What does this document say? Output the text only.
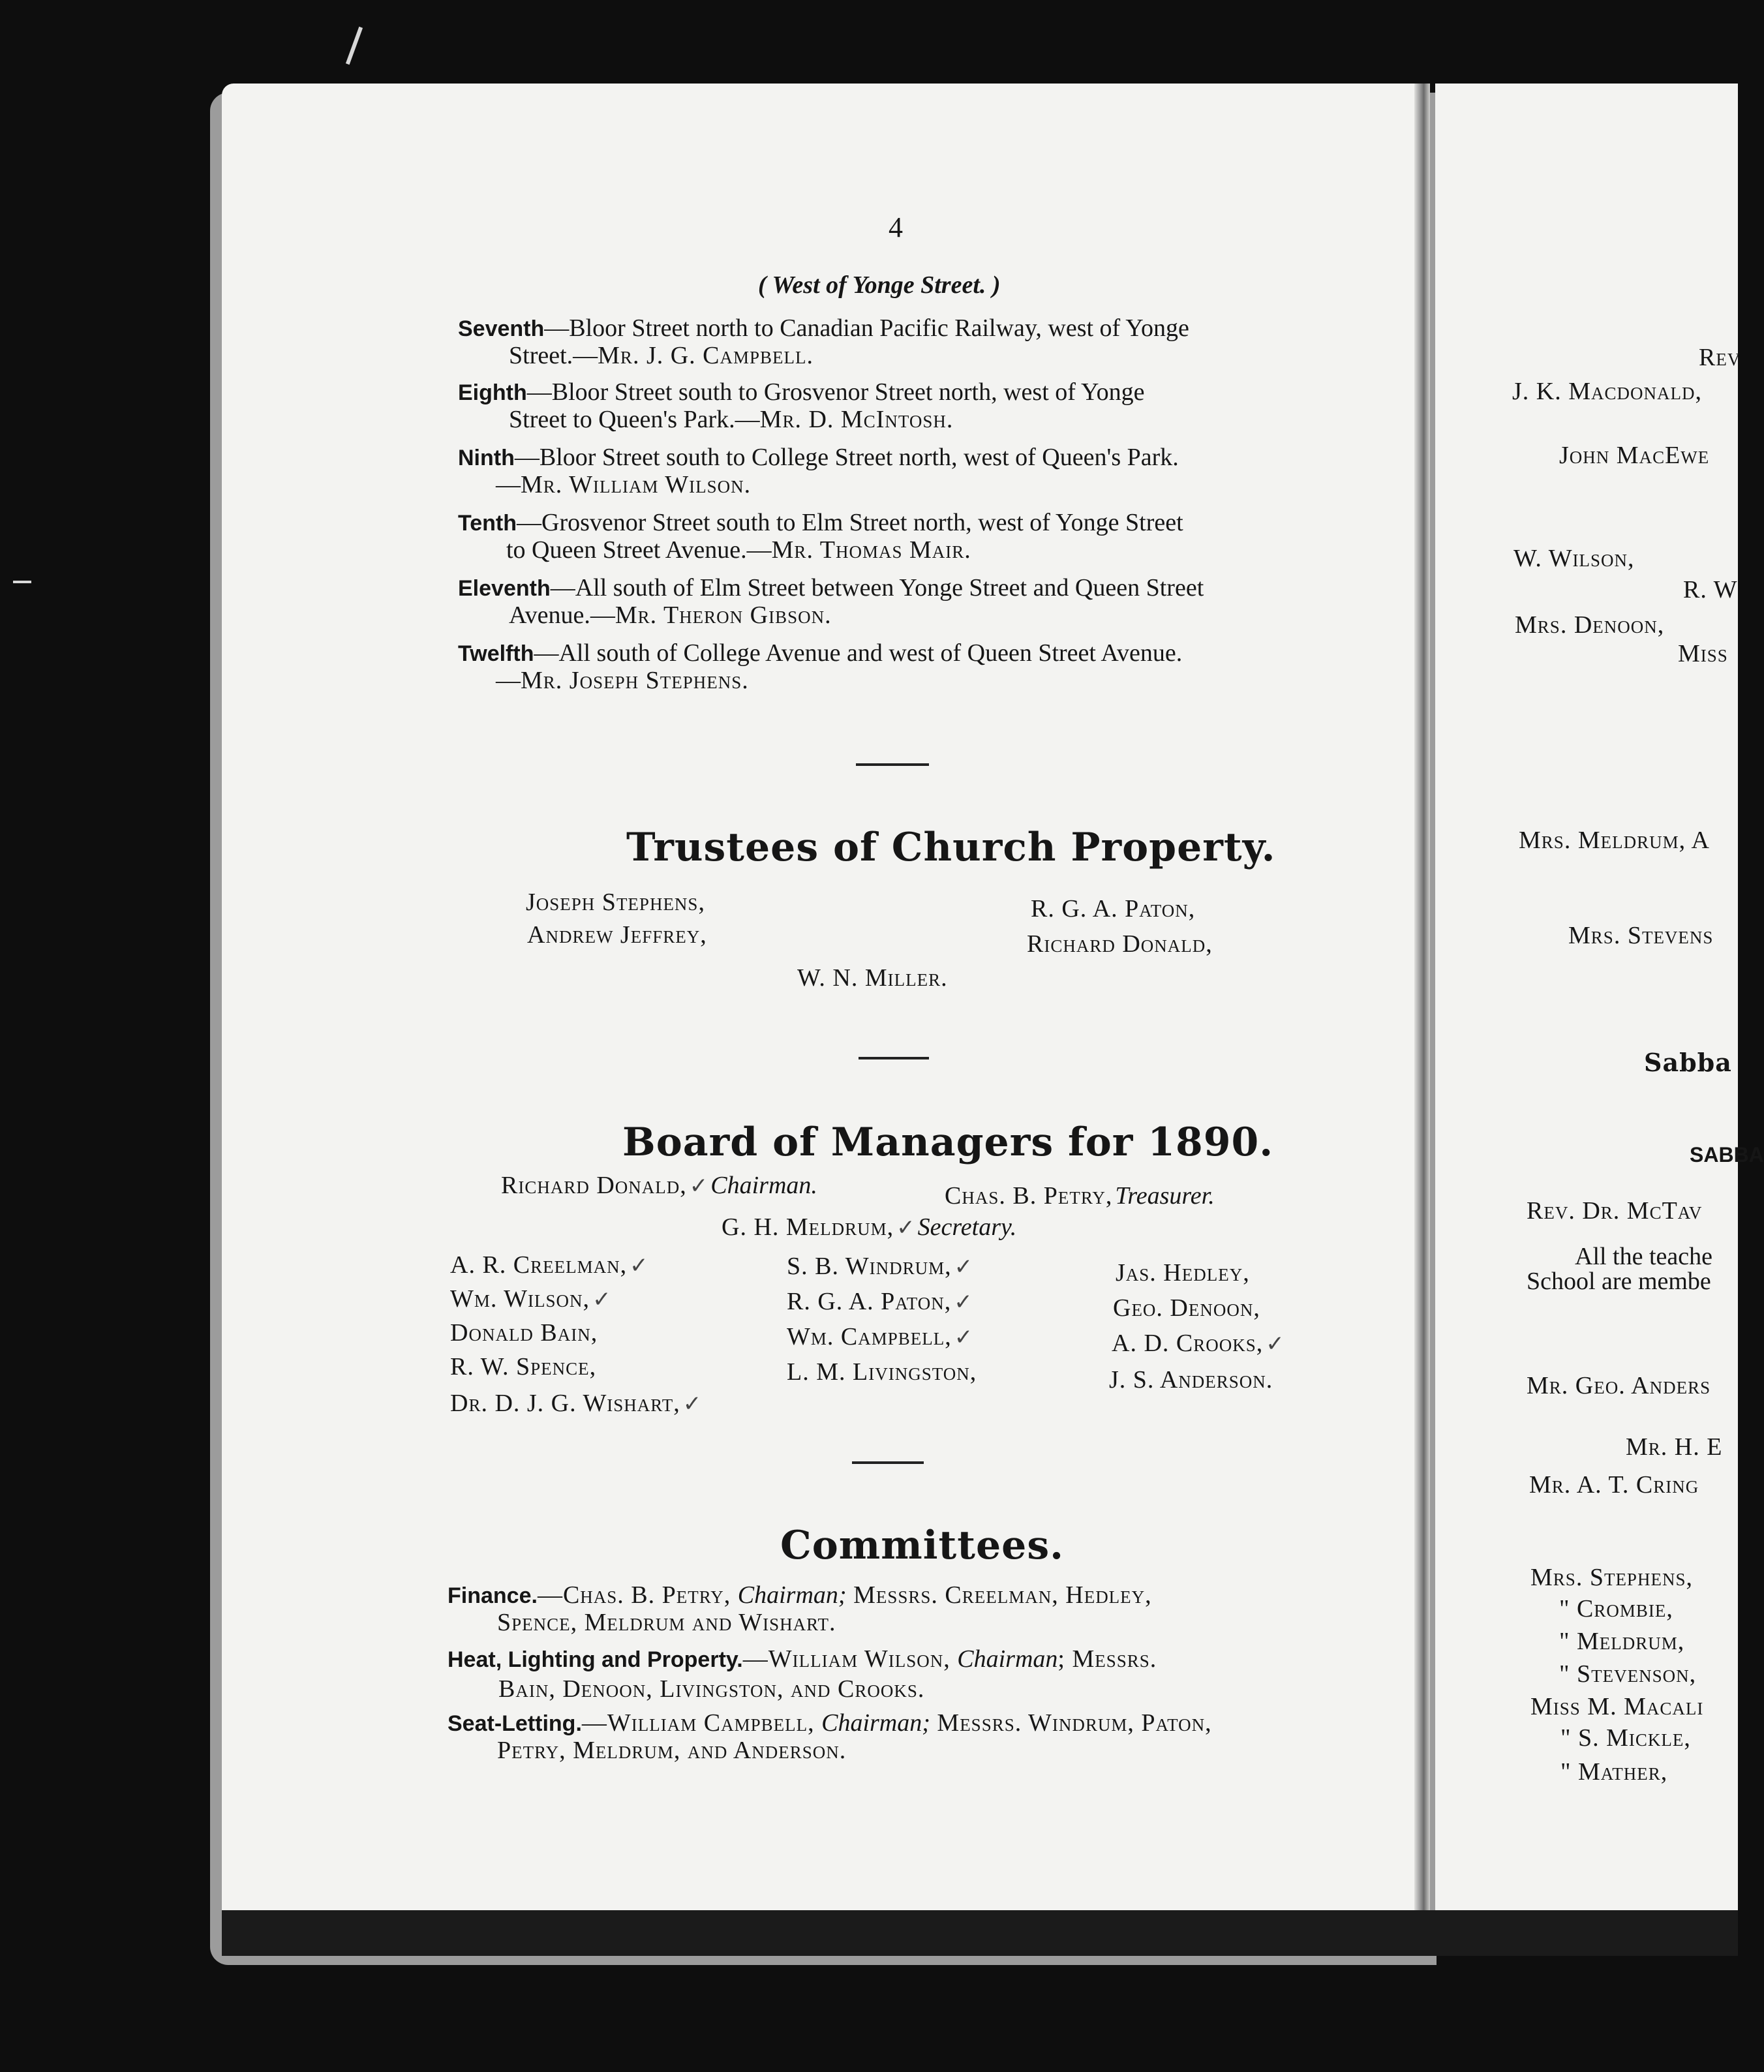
4
( West of Yonge Street. )
Seventh—Bloor Street north to Canadian Pacific Railway, west of Yonge
Street.—Mr. J. G. Campbell.
Eighth—Bloor Street south to Grosvenor Street north, west of Yonge
Street to Queen's Park.—Mr. D. McIntosh.
Ninth—Bloor Street south to College Street north, west of Queen's Park.
—Mr. William Wilson.
Tenth—Grosvenor Street south to Elm Street north, west of Yonge Street
to Queen Street Avenue.—Mr. Thomas Mair.
Eleventh—All south of Elm Street between Yonge Street and Queen Street
Avenue.—Mr. Theron Gibson.
Twelfth—All south of College Avenue and west of Queen Street Avenue.
—Mr. Joseph Stephens.
Trustees of Church Property.
Joseph Stephens,
Andrew Jeffrey,
R. G. A. Paton,
Richard Donald,
W. N. Miller.
Board of Managers for 1890.
Richard Donald, ✓ Chairman.	Chas. B. Petry, Treasurer.
G. H. Meldrum, ✓ Secretary.
A. R. Creelman, ✓
Wm. Wilson, ✓
Donald Bain,
R. W. Spence,
Dr. D. J. G. Wishart, ✓
S. B. Windrum, ✓
R. G. A. Paton, ✓
Wm. Campbell, ✓
L. M. Livingston,
Jas. Hedley,
Geo. Denoon,
A. D. Crooks, ✓
J. S. Anderson.
Committees.
Finance.—Chas. B. Petry, Chairman; Messrs. Creelman, Hedley,
Spence, Meldrum and Wishart.
Heat, Lighting and Property.—William Wilson, Chairman; Messrs.
Bain, Denoon, Livingston, and Crooks.
Seat-Letting.—William Campbell, Chairman; Messrs. Windrum, Paton,
Petry, Meldrum, and Anderson.
Rev
J. K. Macdonald,
John MacEwe
W. Wilson,
R. W
Mrs. Denoon,
Miss
Mrs. Meldrum, A
Mrs. Stevens
Sabba
SABBA
Rev. Dr. McTav
All the teache
School are membe
Mr. Geo. Anders
Mr. H. E
Mr. A. T. Cring
Mrs. Stephens,
" Crombie,
" Meldrum,
" Stevenson,
Miss M. Macali
" S. Mickle,
" Mather,
